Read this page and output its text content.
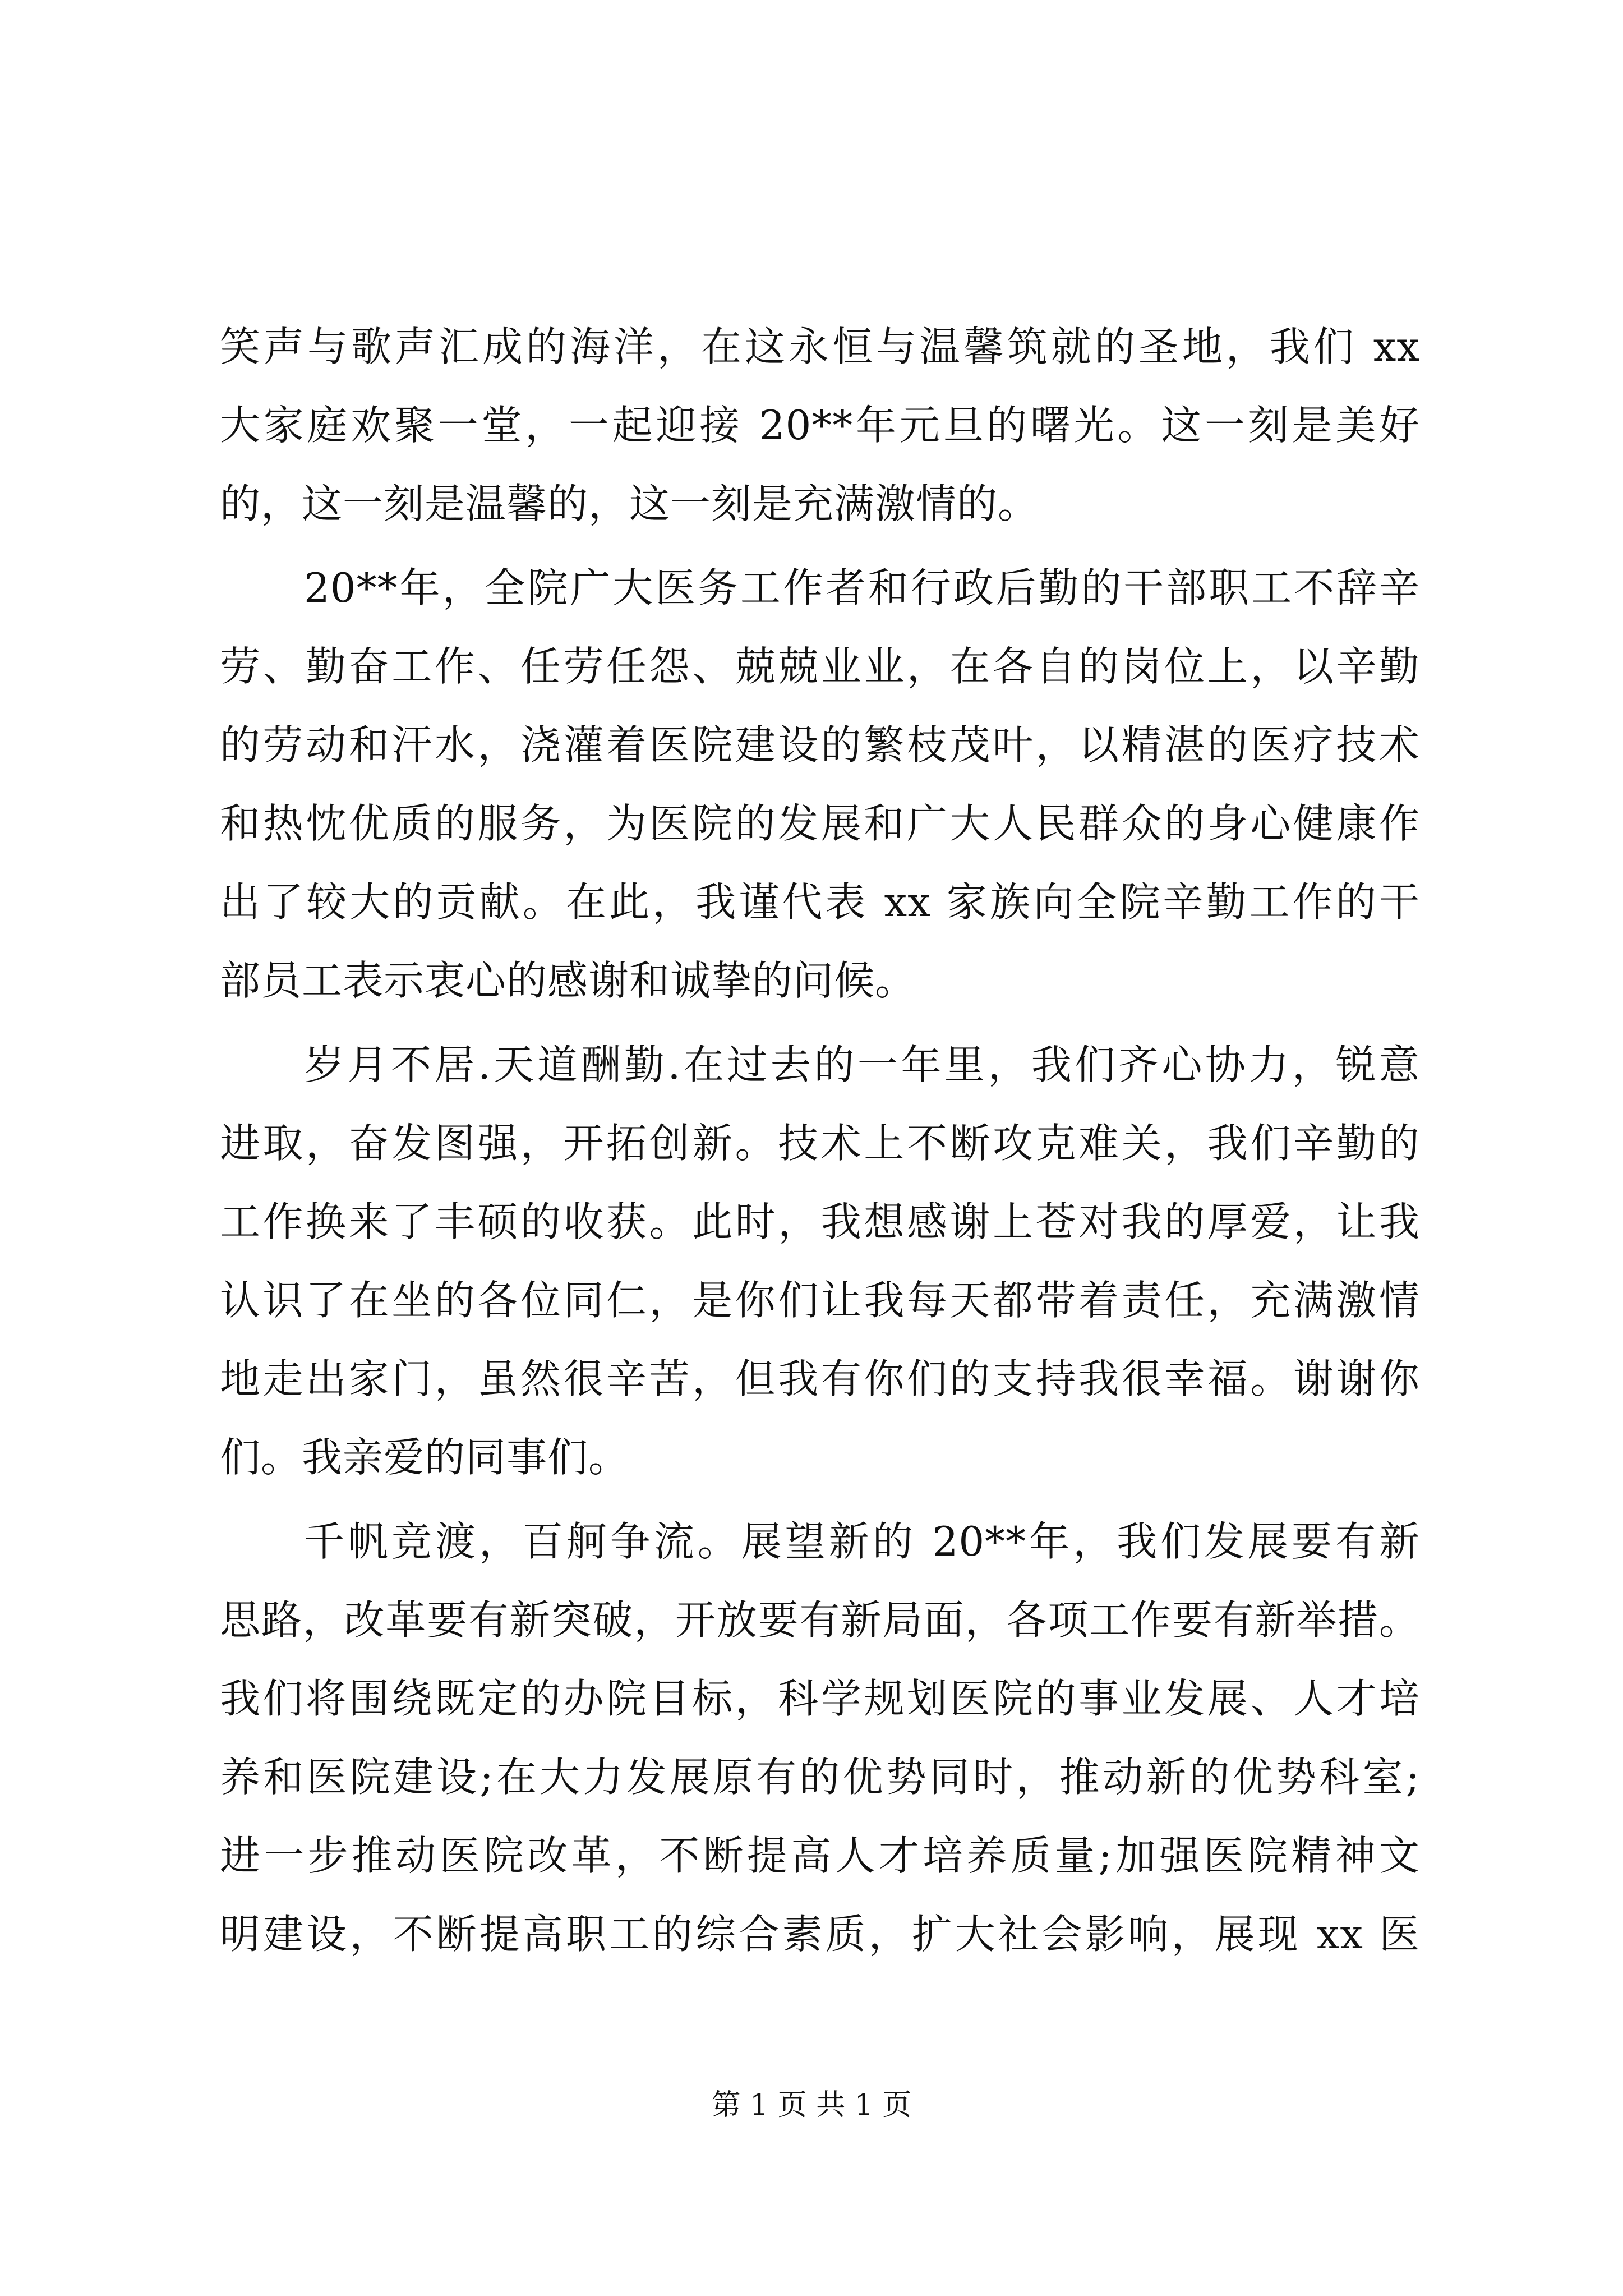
笑声与歌声汇成的海洋，在这永恒与温馨筑就的圣地，我们 xx
大家庭欢聚一堂，一起迎接 20**年元旦的曙光。这一刻是美好
的，这一刻是温馨的，这一刻是充满激情的。
20**年，全院广大医务工作者和行政后勤的干部职工不辞辛
劳、勤奋工作、任劳任怨、兢兢业业，在各自的岗位上，以辛勤
的劳动和汗水，浇灌着医院建设的繁枝茂叶，以精湛的医疗技术
和热忱优质的服务，为医院的发展和广大人民群众的身心健康作
出了较大的贡献。在此，我谨代表 xx 家族向全院辛勤工作的干
部员工表示衷心的感谢和诚挚的问候。
岁月不居.天道酬勤.在过去的一年里，我们齐心协力，锐意
进取，奋发图强，开拓创新。技术上不断攻克难关，我们辛勤的
工作换来了丰硕的收获。此时，我想感谢上苍对我的厚爱，让我
认识了在坐的各位同仁，是你们让我每天都带着责任，充满激情
地走出家门，虽然很辛苦，但我有你们的支持我很幸福。谢谢你
们。我亲爱的同事们。
千帆竞渡，百舸争流。展望新的 20**年，我们发展要有新
思路，改革要有新突破，开放要有新局面，各项工作要有新举措。
我们将围绕既定的办院目标，科学规划医院的事业发展、人才培
养和医院建设;在大力发展原有的优势同时，推动新的优势科室;
进一步推动医院改革，不断提高人才培养质量;加强医院精神文
明建设，不断提高职工的综合素质，扩大社会影响，展现 xx 医
第 1 页 共 1 页
